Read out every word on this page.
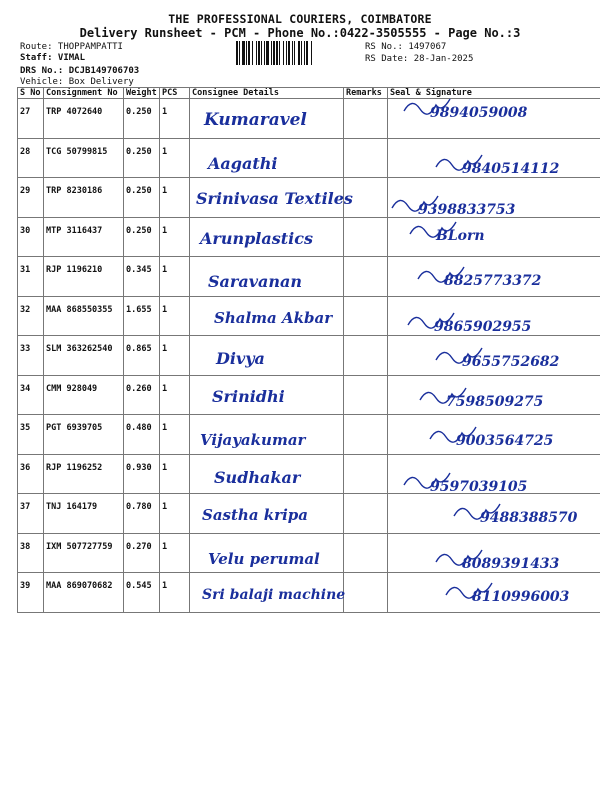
THE PROFESSIONAL COURIERS, COIMBATORE
Delivery Runsheet - PCM - Phone No.:0422-3505555 - Page No.:3
Route: THOPPAMPATTI
Staff: VIMAL
DRS No.: DCJB149706703
Vehicle: Box Delivery
RS No.: 1497067
RS Date: 28-Jan-2025
S No	Consignment No	Weight	PCS	Consignee Details	Remarks	Seal & Signature
27	TRP 4072640	0.250	1	Kumaravel		9894059008

28	TCG 50799815	0.250	1	Aagathi		9840514112

29	TRP 8230186	0.250	1	Srinivasa Textiles		9398833753

30	MTP 3116437	0.250	1	Arunplastics		BLorn

31	RJP 1196210	0.345	1	Saravanan		8825773372

32	MAA 868550355	1.655	1	Shalma Akbar		9865902955

33	SLM 363262540	0.865	1	Divya		9655752682

34	CMM 928049	0.260	1	Srinidhi		7598509275

35	PGT 6939705	0.480	1	Vijayakumar		9003564725

36	RJP 1196252	0.930	1	Sudhakar		9597039105

37	TNJ 164179	0.780	1	Sastha kripa		9488388570

38	IXM 507727759	0.270	1	Velu perumal		8089391433

39	MAA 869070682	0.545	1	Sri balaji machine		8110996003
